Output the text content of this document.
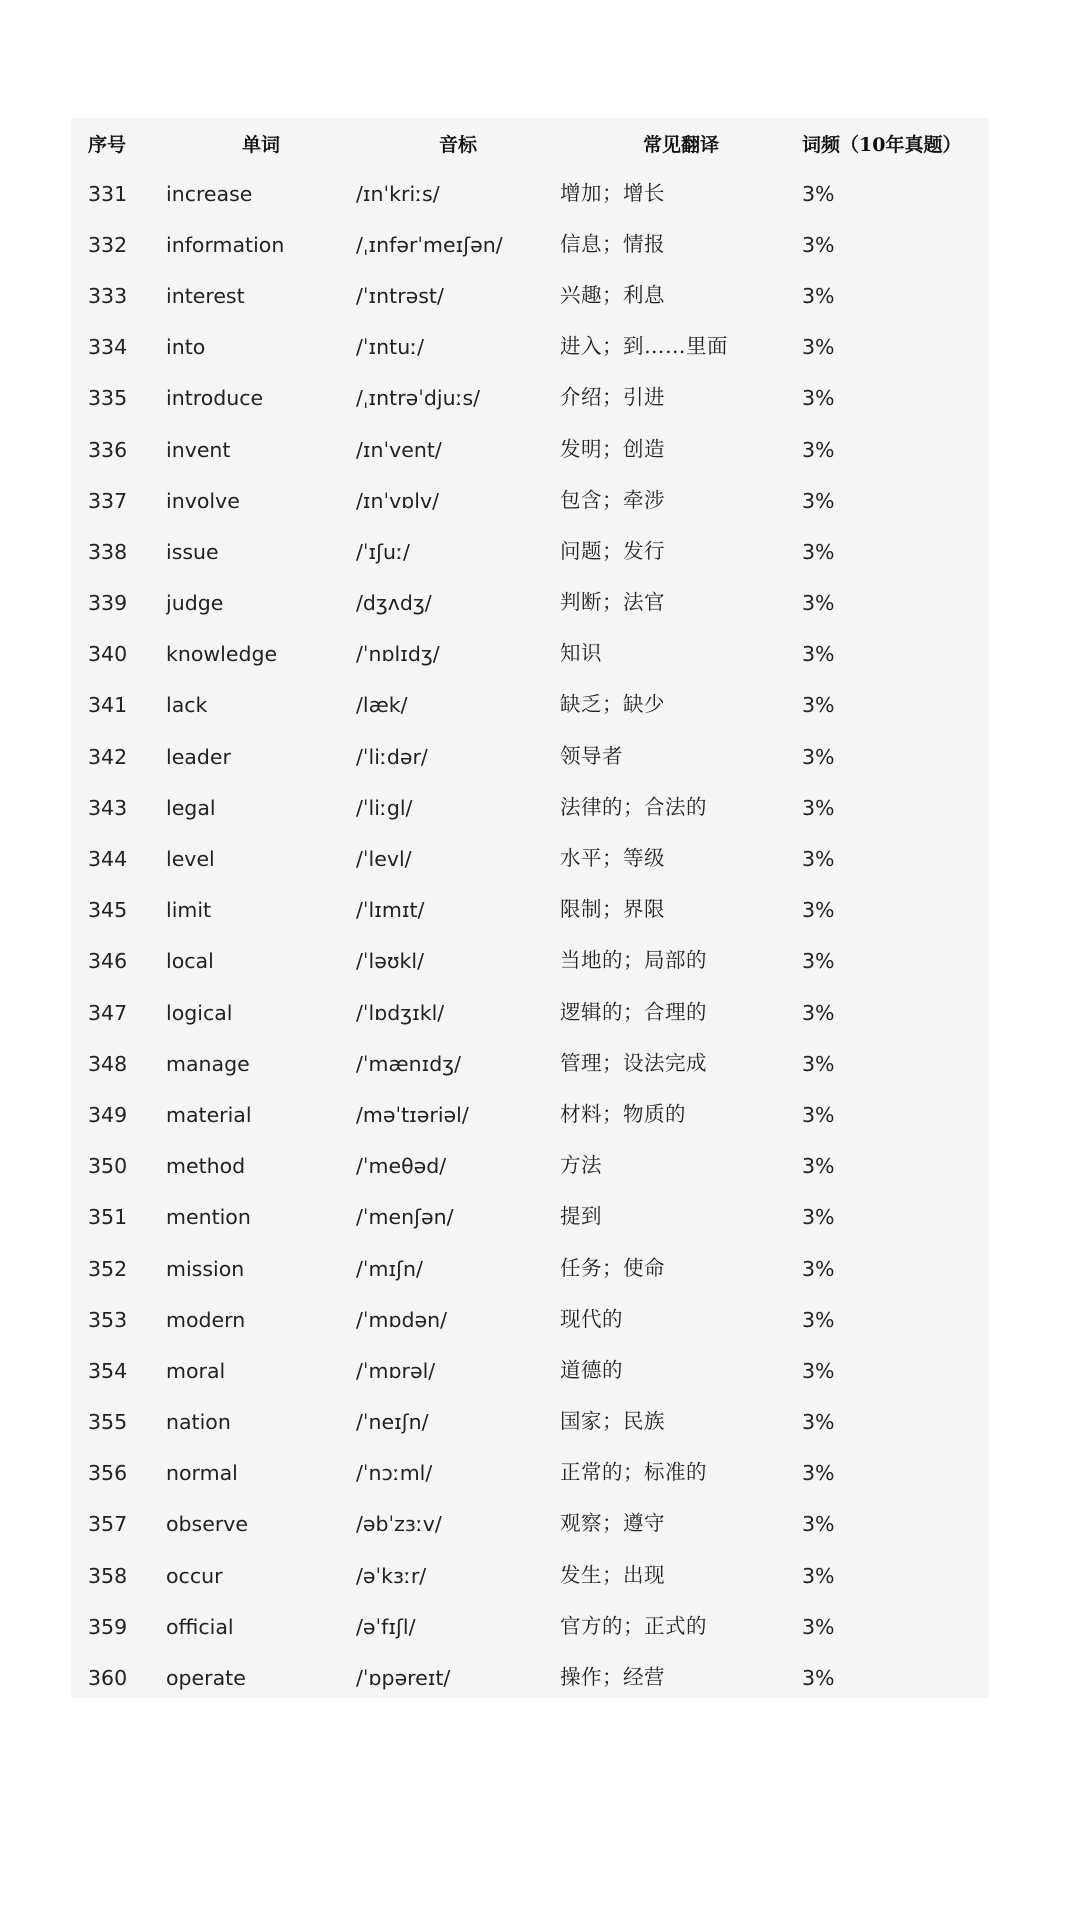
序号	单词	音标	常见翻译	词频（10年真题）
331	increase	/ɪnˈkriːs/	增加；增长	3%
332	information	/ˌɪnfərˈmeɪʃən/	信息；情报	3%
333	interest	/ˈɪntrəst/	兴趣；利息	3%
334	into	/ˈɪntuː/	进入；到……里面	3%
335	introduce	/ˌɪntrəˈdjuːs/	介绍；引进	3%
336	invent	/ɪnˈvent/	发明；创造	3%
337	involve	/ɪnˈvɒlv/	包含；牵涉	3%
338	issue	/ˈɪʃuː/	问题；发行	3%
339	judge	/dʒʌdʒ/	判断；法官	3%
340	knowledge	/ˈnɒlɪdʒ/	知识	3%
341	lack	/læk/	缺乏；缺少	3%
342	leader	/ˈliːdər/	领导者	3%
343	legal	/ˈliːgl/	法律的；合法的	3%
344	level	/ˈlevl/	水平；等级	3%
345	limit	/ˈlɪmɪt/	限制；界限	3%
346	local	/ˈləʊkl/	当地的；局部的	3%
347	logical	/ˈlɒdʒɪkl/	逻辑的；合理的	3%
348	manage	/ˈmænɪdʒ/	管理；设法完成	3%
349	material	/məˈtɪəriəl/	材料；物质的	3%
350	method	/ˈmeθəd/	方法	3%
351	mention	/ˈmenʃən/	提到	3%
352	mission	/ˈmɪʃn/	任务；使命	3%
353	modern	/ˈmɒdən/	现代的	3%
354	moral	/ˈmɒrəl/	道德的	3%
355	nation	/ˈneɪʃn/	国家；民族	3%
356	normal	/ˈnɔːml/	正常的；标准的	3%
357	observe	/əbˈzɜːv/	观察；遵守	3%
358	occur	/əˈkɜːr/	发生；出现	3%
359	official	/əˈfɪʃl/	官方的；正式的	3%
360	operate	/ˈɒpəreɪt/	操作；经营	3%
